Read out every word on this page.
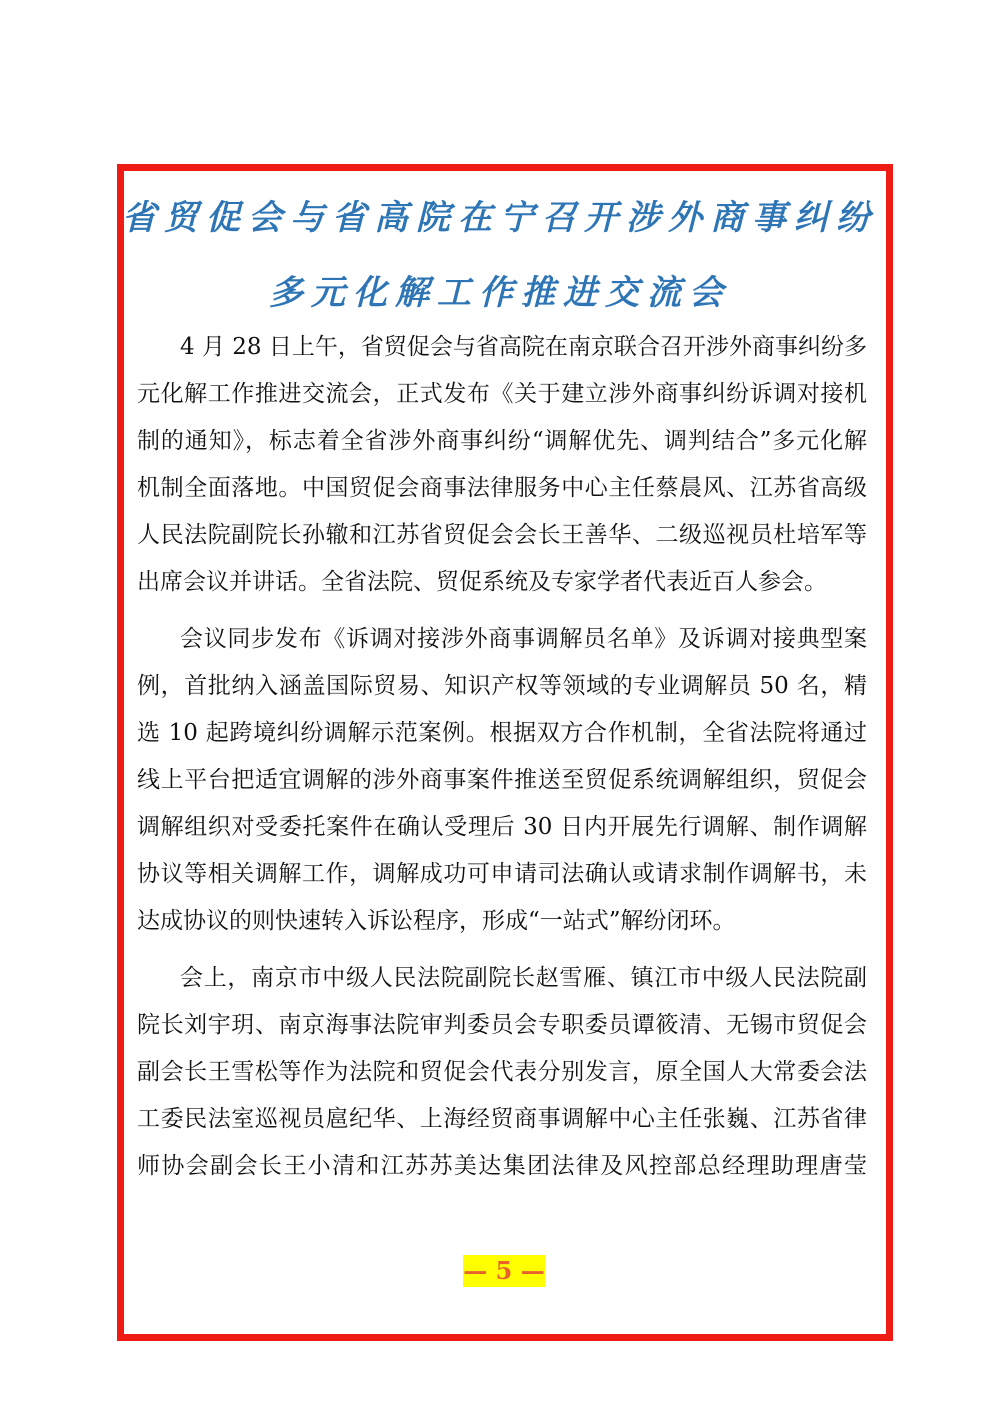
省贸促会与省高院在宁召开涉外商事纠纷
多元化解工作推进交流会
4 月 28 日上午，省贸促会与省高院在南京联合召开涉外商事纠纷多
元化解工作推进交流会，正式发布《关于建立涉外商事纠纷诉调对接机
制的通知》，标志着全省涉外商事纠纷“调解优先、调判结合”多元化解
机制全面落地。中国贸促会商事法律服务中心主任蔡晨风、江苏省高级
人民法院副院长孙辙和江苏省贸促会会长王善华、二级巡视员杜培军等
出席会议并讲话。全省法院、贸促系统及专家学者代表近百人参会。
会议同步发布《诉调对接涉外商事调解员名单》及诉调对接典型案
例，首批纳入涵盖国际贸易、知识产权等领域的专业调解员 50 名，精
选 10 起跨境纠纷调解示范案例。根据双方合作机制，全省法院将通过
线上平台把适宜调解的涉外商事案件推送至贸促系统调解组织，贸促会
调解组织对受委托案件在确认受理后 30 日内开展先行调解、制作调解
协议等相关调解工作，调解成功可申请司法确认或请求制作调解书，未
达成协议的则快速转入诉讼程序，形成“一站式”解纷闭环。
会上，南京市中级人民法院副院长赵雪雁、镇江市中级人民法院副
院长刘宇玥、南京海事法院审判委员会专职委员谭筱清、无锡市贸促会
副会长王雪松等作为法院和贸促会代表分别发言，原全国人大常委会法
工委民法室巡视员扈纪华、上海经贸商事调解中心主任张巍、江苏省律
师协会副会长王小清和江苏苏美达集团法律及风控部总经理助理唐莹
— 5 —
